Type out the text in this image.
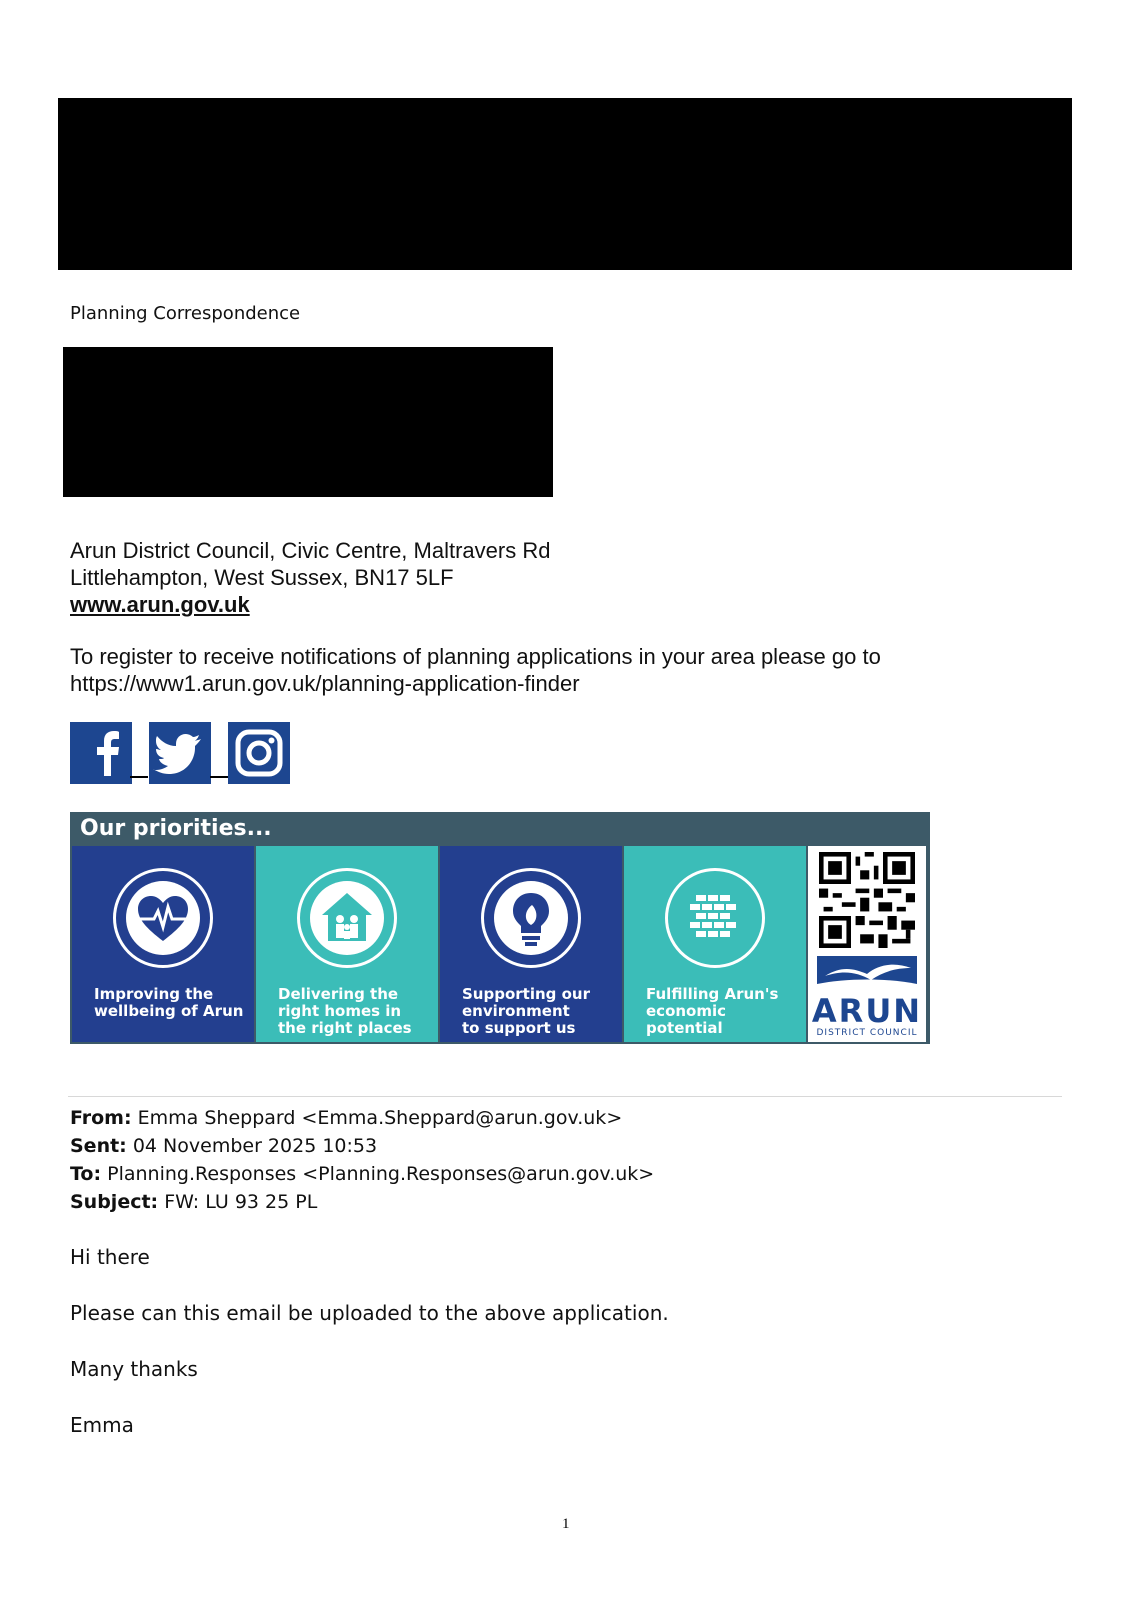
Planning Correspondence
Arun District Council, Civic Centre, Maltravers Rd
Littlehampton, West Sussex, BN17 5LF
www.arun.gov.uk
To register to receive notifications of planning applications in your area please go to
https://www1.arun.gov.uk/planning-application-finder
Our priorities...
Improving the
wellbeing of Arun
Delivering the
right homes in
the right places
Supporting our
environment
to support us
Fulfilling Arun's
economic potential	ARUN
DISTRICT COUNCIL
From: Emma Sheppard <Emma.Sheppard@arun.gov.uk>
Sent: 04 November 2025 10:53
To: Planning.Responses <Planning.Responses@arun.gov.uk>
Subject: FW: LU 93 25 PL
Hi there
Please can this email be uploaded to the above application.
Many thanks
Emma
1
